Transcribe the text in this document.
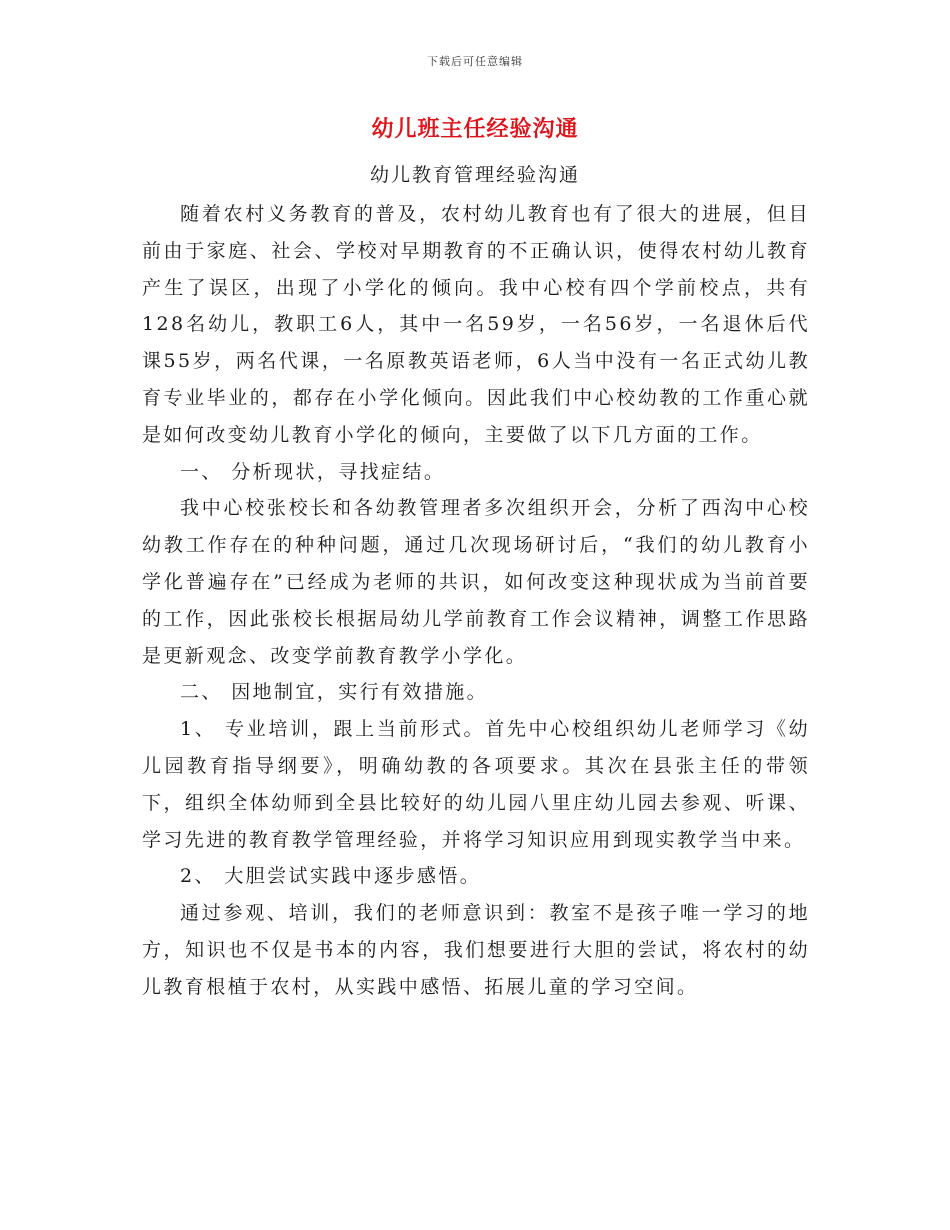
下载后可任意编辑
幼儿班主任经验沟通
幼儿教育管理经验沟通

随着农村义务教育的普及，农村幼儿教育也有了很大的进展，但目前由于家庭、社会、学校对早期教育的不正确认识，使得农村幼儿教育产生了误区，出现了小学化的倾向。我中心校有四个学前校点，共有128名幼儿，教职工6人，其中一名59岁，一名56岁，一名退休后代课55岁，两名代课，一名原教英语老师，6人当中没有一名正式幼儿教育专业毕业的，都存在小学化倾向。因此我们中心校幼教的工作重心就是如何改变幼儿教育小学化的倾向，主要做了以下几方面的工作。

一、 分析现状，寻找症结。

我中心校张校长和各幼教管理者多次组织开会，分析了西沟中心校幼教工作存在的种种问题，通过几次现场研讨后，“我们的幼儿教育小学化普遍存在”已经成为老师的共识，如何改变这种现状成为当前首要的工作，因此张校长根据局幼儿学前教育工作会议精神，调整工作思路是更新观念、改变学前教育教学小学化。

二、 因地制宜，实行有效措施。

1、 专业培训，跟上当前形式。首先中心校组织幼儿老师学习《幼儿园教育指导纲要》，明确幼教的各项要求。其次在县张主任的带领下，组织全体幼师到全县比较好的幼儿园八里庄幼儿园去参观、听课、学习先进的教育教学管理经验，并将学习知识应用到现实教学当中来。

2、 大胆尝试实践中逐步感悟。

通过参观、培训，我们的老师意识到：教室不是孩子唯一学习的地方，知识也不仅是书本的内容，我们想要进行大胆的尝试，将农村的幼儿教育根植于农村，从实践中感悟、拓展儿童的学习空间。
